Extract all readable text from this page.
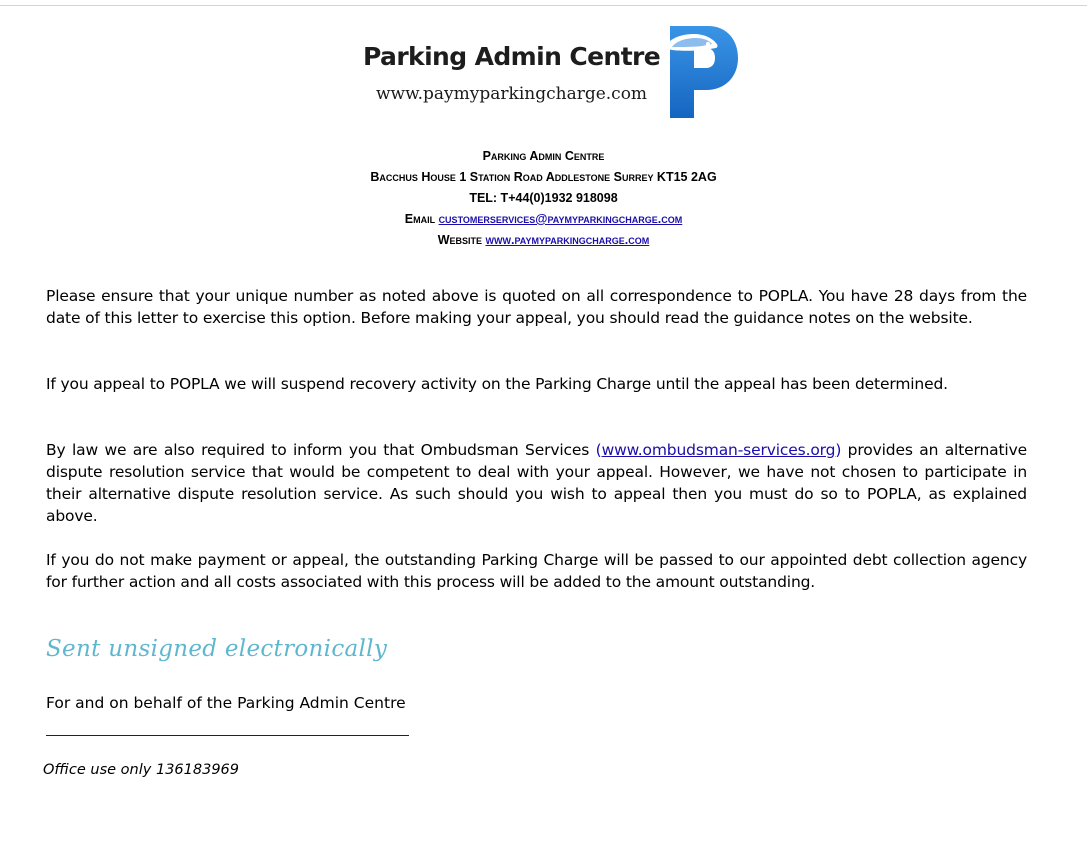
Parking Admin Centre
www.paymyparkingcharge.com
Parking Admin Centre
Bacchus House 1 Station Road Addlestone Surrey KT15 2AG
TEL: T+44(0)1932 918098
Email customerservices@paymyparkingcharge.com
Website www.paymyparkingcharge.com
Please ensure that your unique number as noted above is quoted on all correspondence to POPLA. You have 28 days from the date of this letter to exercise this option. Before making your appeal, you should read the guidance notes on the website.
If you appeal to POPLA we will suspend recovery activity on the Parking Charge until the appeal has been determined.
By law we are also required to inform you that Ombudsman Services (www.ombudsman-services.org) provides an alternative dispute resolution service that would be competent to deal with your appeal. However, we have not chosen to participate in their alternative dispute resolution service. As such should you wish to appeal then you must do so to POPLA, as explained above.
If you do not make payment or appeal, the outstanding Parking Charge will be passed to our appointed debt collection agency for further action and all costs associated with this process will be added to the amount outstanding.
Sent unsigned electronically
For and on behalf of the Parking Admin Centre
Office use only 136183969
